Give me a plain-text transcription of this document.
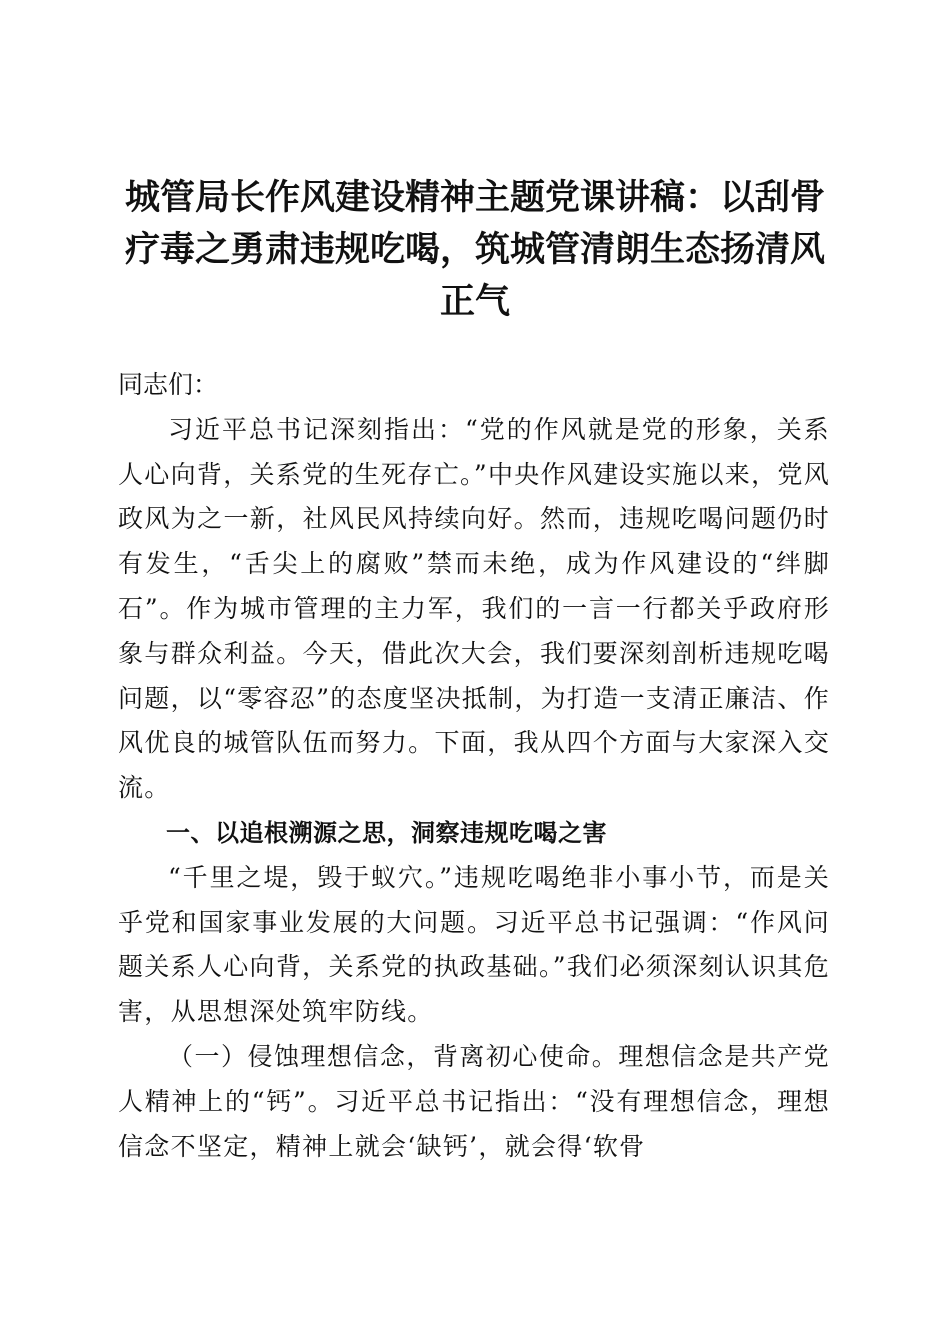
城管局长作风建设精神主题党课讲稿：以刮骨疗毒之勇肃违规吃喝，筑城管清朗生态扬清风正气

同志们：

习近平总书记深刻指出：“党的作风就是党的形象，关系人心向背，关系党的生死存亡。”中央作风建设实施以来，党风政风为之一新，社风民风持续向好。然而，违规吃喝问题仍时有发生，“舌尖上的腐败”禁而未绝，成为作风建设的“绊脚石”。作为城市管理的主力军，我们的一言一行都关乎政府形象与群众利益。今天，借此次大会，我们要深刻剖析违规吃喝问题，以“零容忍”的态度坚决抵制，为打造一支清正廉洁、作风优良的城管队伍而努力。下面，我从四个方面与大家深入交流。

一、以追根溯源之思，洞察违规吃喝之害

“千里之堤，毁于蚁穴。”违规吃喝绝非小事小节，而是关乎党和国家事业发展的大问题。习近平总书记强调：“作风问题关系人心向背，关系党的执政基础。”我们必须深刻认识其危害，从思想深处筑牢防线。

（一）侵蚀理想信念，背离初心使命。理想信念是共产党人精神上的“钙”。习近平总书记指出：“没有理想信念，理想信念不坚定，精神上就会‘缺钙’，就会得‘软骨
